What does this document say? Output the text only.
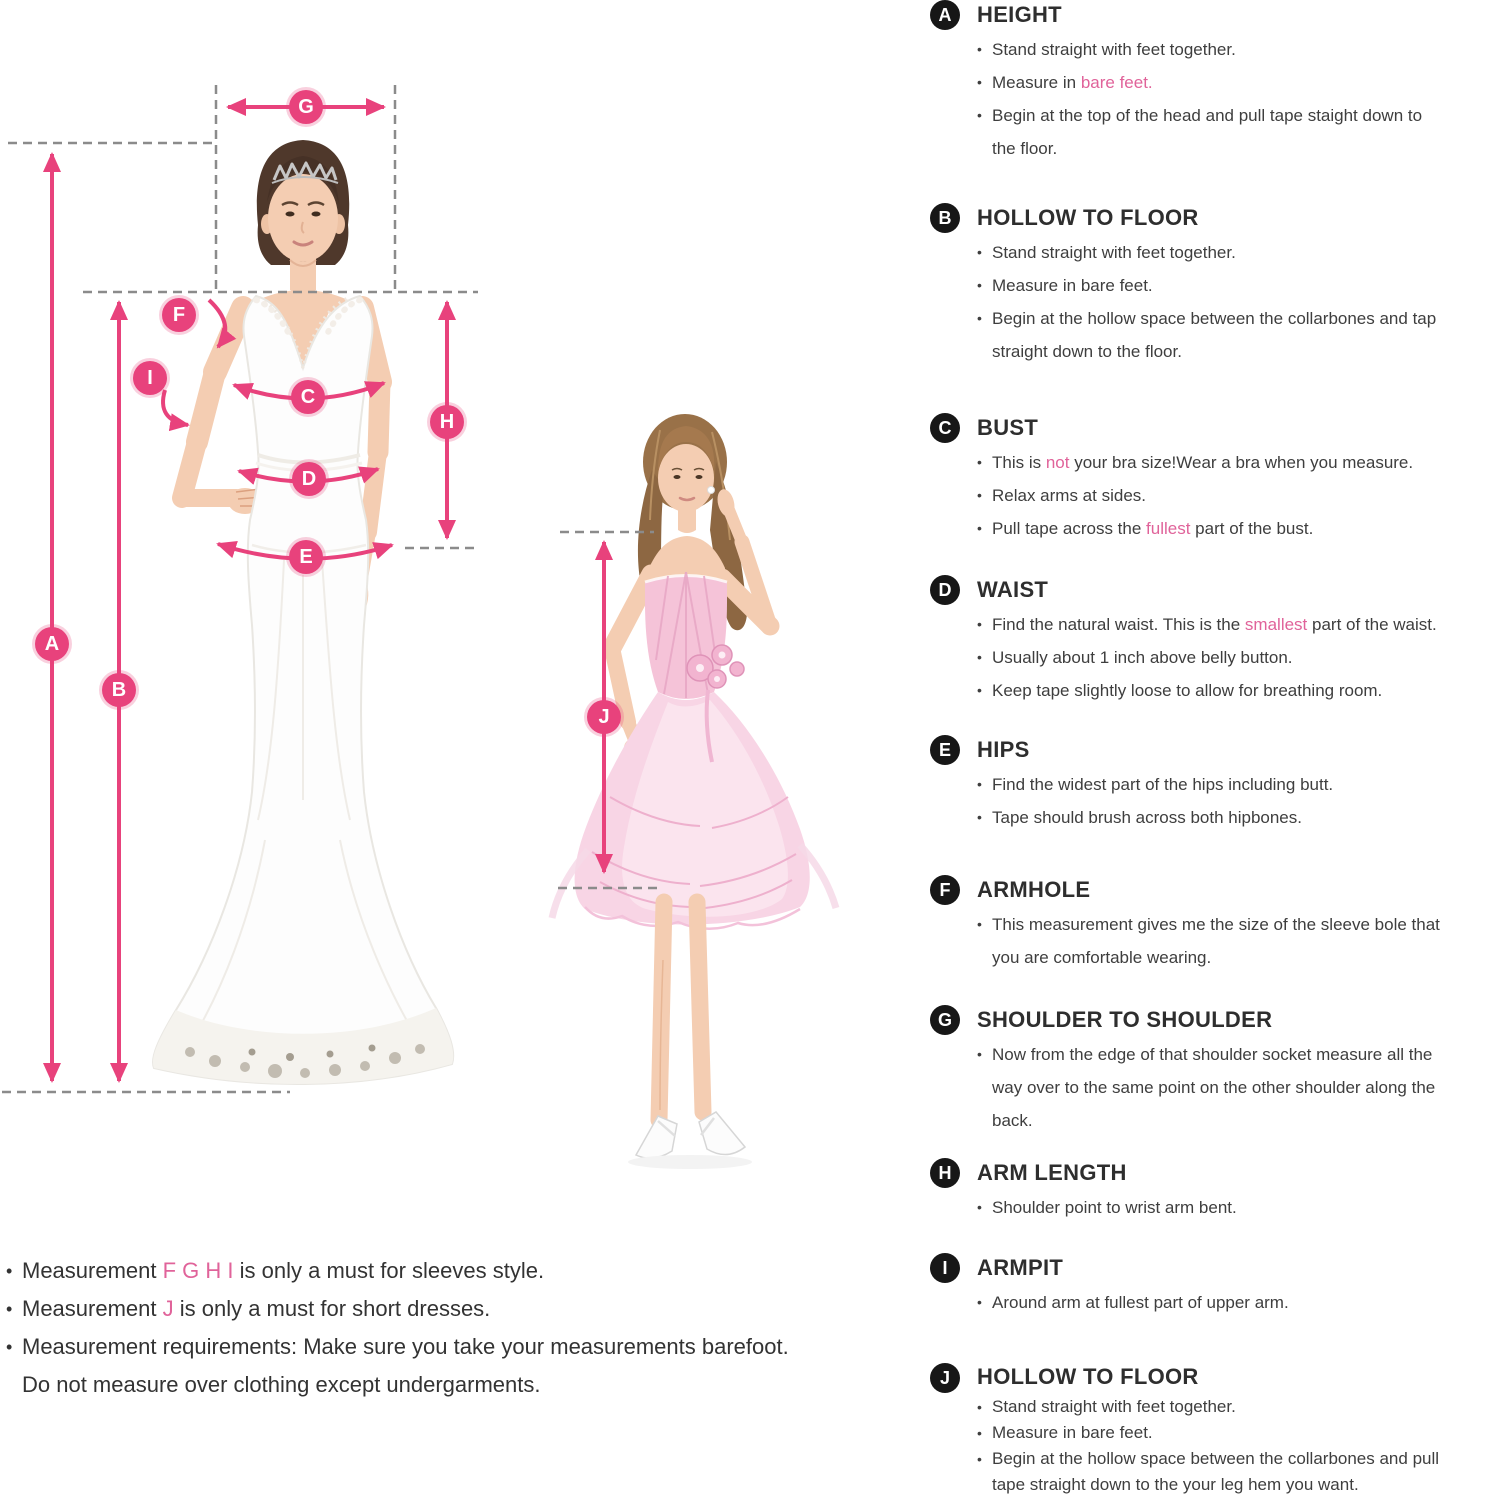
G
F
I
C
H
D
E
A
B
J
A	HEIGHT
• Stand straight with feet together.
• Measure in bare feet.
• Begin at the top of the head and pull tape staight down to
the floor.
B	HOLLOW TO FLOOR
• Stand straight with feet together.
• Measure in bare feet.
• Begin at the hollow space between the collarbones and tap
straight down to the floor.
C	BUST
• This is not your bra size!Wear a bra when you measure.
• Relax arms at sides.
• Pull tape across the fullest part of the bust.
D	WAIST
• Find the natural waist. This is the smallest part of the waist.
• Usually about 1 inch above belly button.
• Keep tape slightly loose to allow for breathing room.
E	HIPS
• Find the widest part of the hips including butt.
• Tape should brush across both hipbones.
F	ARMHOLE
• This measurement gives me the size of the sleeve bole that
you are comfortable wearing.
G	SHOULDER TO SHOULDER
• Now from the edge of that shoulder socket measure all the
way over to the same point on the other shoulder along the
back.
H	ARM LENGTH
• Shoulder point to wrist arm bent.
I	ARMPIT
• Around arm at fullest part of upper arm.
J	HOLLOW TO FLOOR
• Stand straight with feet together.
• Measure in bare feet.
• Begin at the hollow space between the collarbones and pull
tape straight down to the your leg hem you want.
• Measurement F G H I is only a must for sleeves style.
• Measurement J is only a must for short dresses.
• Measurement requirements: Make sure you take your measurements barefoot.
Do not measure over clothing except undergarments.
